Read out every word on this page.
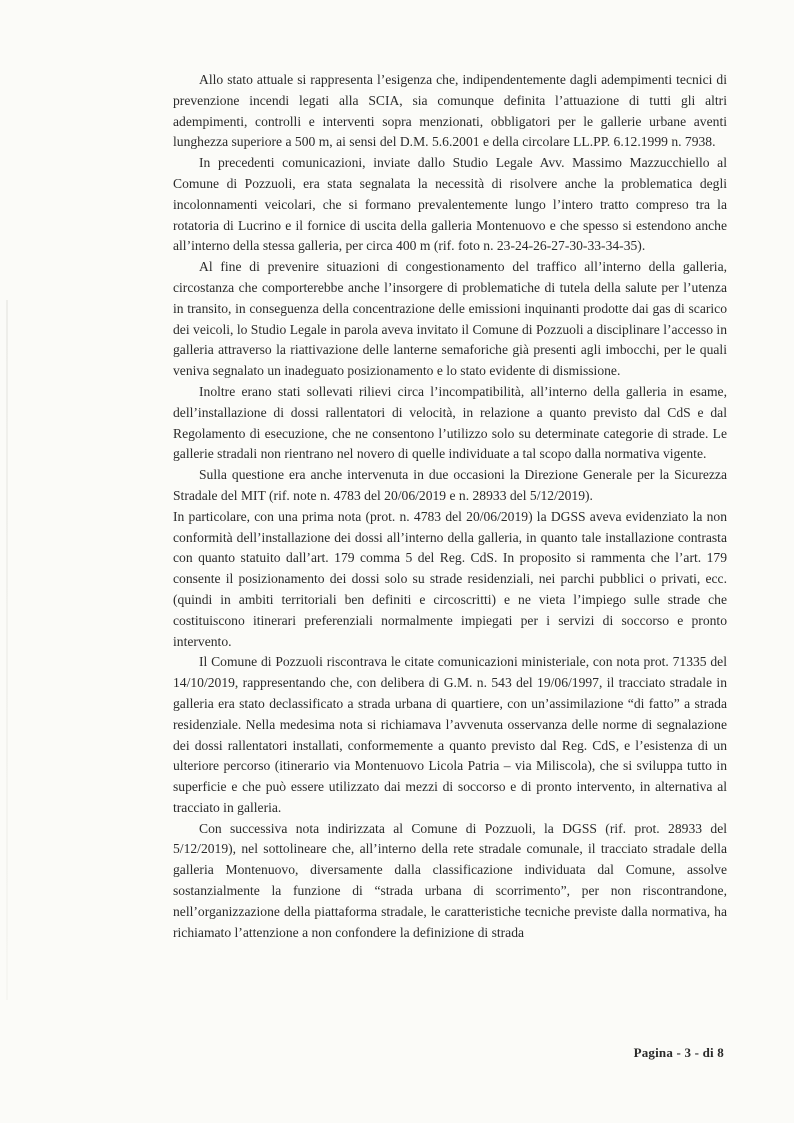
Allo stato attuale si rappresenta l’esigenza che, indipendentemente dagli adempimenti tecnici di prevenzione incendi legati alla SCIA, sia comunque definita l’attuazione di tutti gli altri adempimenti, controlli e interventi sopra menzionati, obbligatori per le gallerie urbane aventi lunghezza superiore a 500 m, ai sensi del D.M. 5.6.2001 e della circolare LL.PP. 6.12.1999 n. 7938.

In precedenti comunicazioni, inviate dallo Studio Legale Avv. Massimo Mazzucchiello al Comune di Pozzuoli, era stata segnalata la necessità di risolvere anche la problematica degli incolonnamenti veicolari, che si formano prevalentemente lungo l’intero tratto compreso tra la rotatoria di Lucrino e il fornice di uscita della galleria Montenuovo e che spesso si estendono anche all’interno della stessa galleria, per circa 400 m (rif. foto n. 23-24-26-27-30-33-34-35).

Al fine di prevenire situazioni di congestionamento del traffico all’interno della galleria, circostanza che comporterebbe anche l’insorgere di problematiche di tutela della salute per l’utenza in transito, in conseguenza della concentrazione delle emissioni inquinanti prodotte dai gas di scarico dei veicoli, lo Studio Legale in parola aveva invitato il Comune di Pozzuoli a disciplinare l’accesso in galleria attraverso la riattivazione delle lanterne semaforiche già presenti agli imbocchi, per le quali veniva segnalato un inadeguato posizionamento e lo stato evidente di dismissione.

Inoltre erano stati sollevati rilievi circa l’incompatibilità, all’interno della galleria in esame, dell’installazione di dossi rallentatori di velocità, in relazione a quanto previsto dal CdS e dal Regolamento di esecuzione, che ne consentono l’utilizzo solo su determinate categorie di strade. Le gallerie stradali non rientrano nel novero di quelle individuate a tal scopo dalla normativa vigente.

Sulla questione era anche intervenuta in due occasioni la Direzione Generale per la Sicurezza Stradale del MIT (rif. note n. 4783 del 20/06/2019 e n. 28933 del 5/12/2019).

In particolare, con una prima nota (prot. n. 4783 del 20/06/2019) la DGSS aveva evidenziato la non conformità dell’installazione dei dossi all’interno della galleria, in quanto tale installazione contrasta con quanto statuito dall’art. 179 comma 5 del Reg. CdS. In proposito si rammenta che l’art. 179 consente il posizionamento dei dossi solo su strade residenziali, nei parchi pubblici o privati, ecc. (quindi in ambiti territoriali ben definiti e circoscritti) e ne vieta l’impiego sulle strade che costituiscono itinerari preferenziali normalmente impiegati per i servizi di soccorso e pronto intervento.

Il Comune di Pozzuoli riscontrava le citate comunicazioni ministeriale, con nota prot. 71335 del 14/10/2019, rappresentando che, con delibera di G.M. n. 543 del 19/06/1997, il tracciato stradale in galleria era stato declassificato a strada urbana di quartiere, con un’assimilazione “di fatto” a strada residenziale. Nella medesima nota si richiamava l’avvenuta osservanza delle norme di segnalazione dei dossi rallentatori installati, conformemente a quanto previsto dal Reg. CdS, e l’esistenza di un ulteriore percorso (itinerario via Montenuovo Licola Patria – via Miliscola), che si sviluppa tutto in superficie e che può essere utilizzato dai mezzi di soccorso e di pronto intervento, in alternativa al tracciato in galleria.

Con successiva nota indirizzata al Comune di Pozzuoli, la DGSS (rif. prot. 28933 del 5/12/2019), nel sottolineare che, all’interno della rete stradale comunale, il tracciato stradale della galleria Montenuovo, diversamente dalla classificazione individuata dal Comune, assolve sostanzialmente la funzione di “strada urbana di scorrimento”, per non riscontrandone, nell’organizzazione della piattaforma stradale, le caratteristiche tecniche previste dalla normativa, ha richiamato l’attenzione a non confondere la definizione di strada

Pagina - 3 - di 8
